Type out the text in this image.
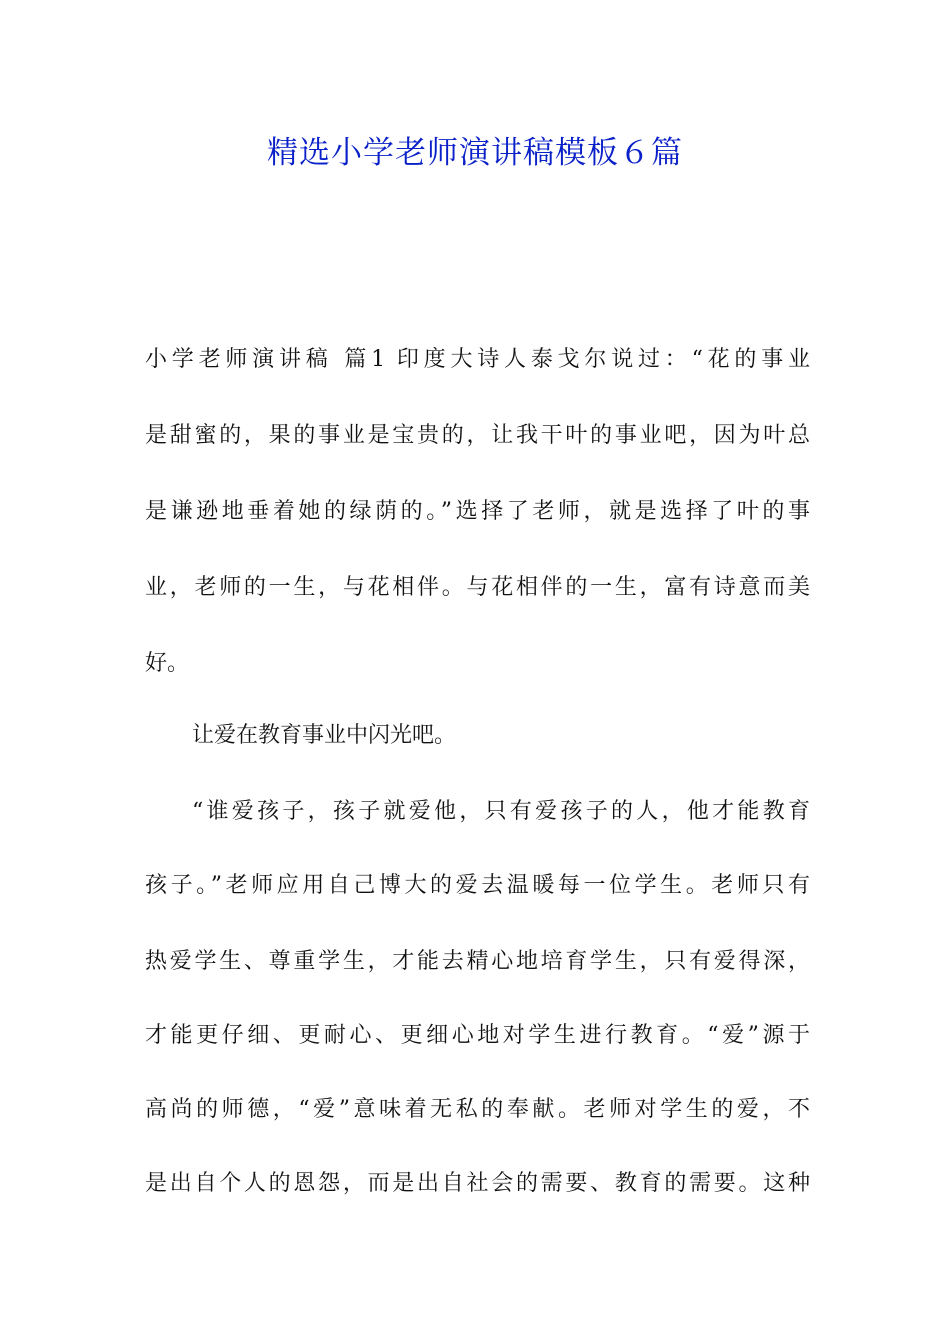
精选小学老师演讲稿模板６篇
小学老师演讲稿 篇1 印度大诗人泰戈尔说过：“花的事业
是甜蜜的，果的事业是宝贵的，让我干叶的事业吧，因为叶总
是谦逊地垂着她的绿荫的。”选择了老师，就是选择了叶的事
业，老师的一生，与花相伴。与花相伴的一生，富有诗意而美
好。
让爱在教育事业中闪光吧。
“谁爱孩子，孩子就爱他，只有爱孩子的人，他才能教育
孩子。”老师应用自己博大的爱去温暖每一位学生。老师只有
热爱学生、尊重学生，才能去精心地培育学生，只有爱得深，
才能更仔细、更耐心、更细心地对学生进行教育。“爱”源于
高尚的师德，“爱”意味着无私的奉献。老师对学生的爱，不
是出自个人的恩怨，而是出自社会的需要、教育的需要。这种
